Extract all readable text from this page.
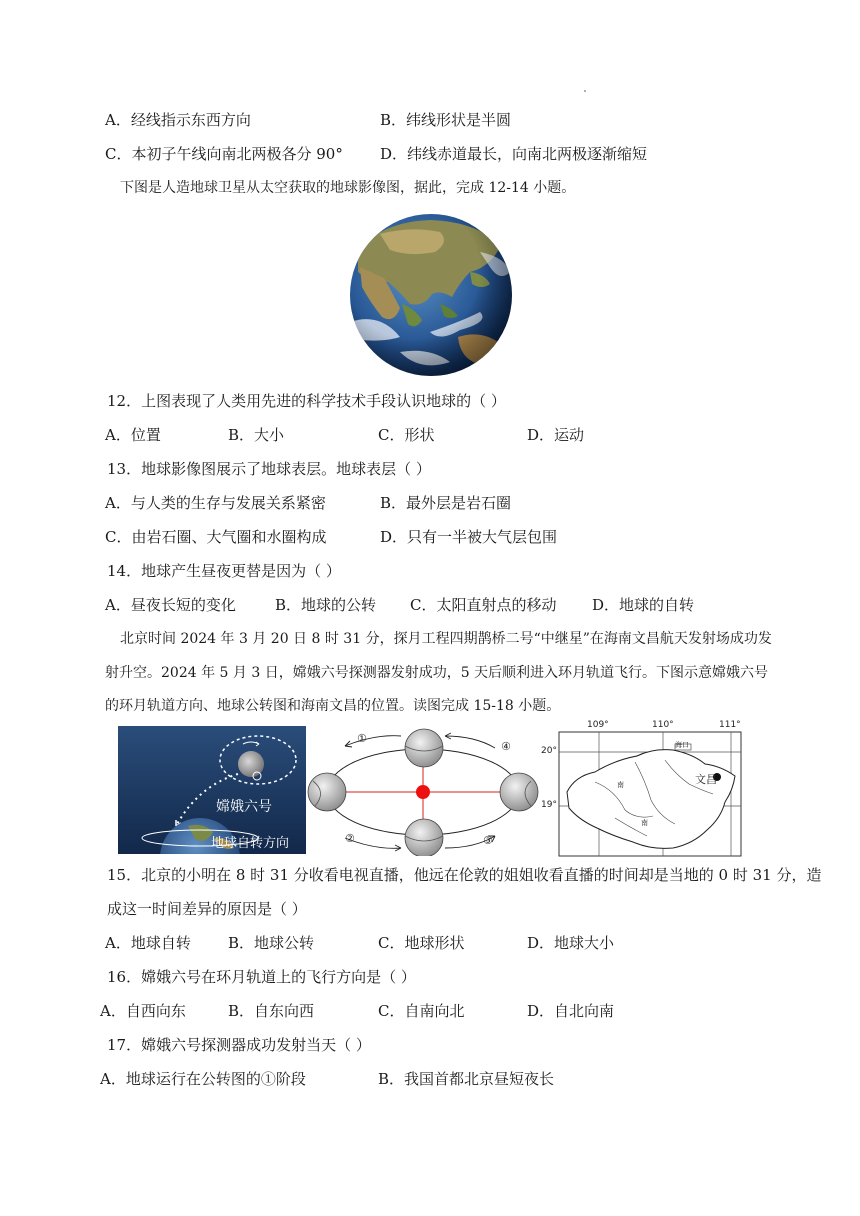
A．经线指示东西方向	B．纬线形状是半圆
C．本初子午线向南北两极各分 90° D．纬线赤道最长，向南北两极逐渐缩短
下图是人造地球卫星从太空获取的地球影像图，据此，完成 12-14 小题。
12．上图表现了人类用先进的科学技术手段认识地球的（ ）
A．位置	B．大小	C．形状	D．运动
13．地球影像图展示了地球表层。地球表层（ ）
A．与人类的生存与发展关系紧密	B．最外层是岩石圈
C．由岩石圈、大气圈和水圈构成	D．只有一半被大气层包围
14．地球产生昼夜更替是因为（ ）
A．昼夜长短的变化	B．地球的公转 C．太阳直射点的移动 D．地球的自转
北京时间 2024 年 3 月 20 日 8 时 31 分，探月工程四期鹊桥二号“中继星”在海南文昌航天发射场成功发
射升空。2024 年 5 月 3 日，嫦娥六号探测器发射成功，5 天后顺利进入环月轨道飞行。下图示意嫦娥六号
的环月轨道方向、地球公转图和海南文昌的位置。读图完成 15-18 小题。
嫦娥六号
地球自转方向
①
②	③
④
109°	110°	111°
20°
19°
海口
文昌
南
南
15．北京的小明在 8 时 31 分收看电视直播，他远在伦敦的姐姐收看直播的时间却是当地的 0 时 31 分，造
成这一时间差异的原因是（ ）
A．地球自转 B．地球公转	C．地球形状	D．地球大小
16．嫦娥六号在环月轨道上的飞行方向是（ ）
A．自西向东	B．自东向西	C．自南向北	D．自北向南
17．嫦娥六号探测器成功发射当天（ ）
A．地球运行在公转图的①阶段	B．我国首都北京昼短夜长
